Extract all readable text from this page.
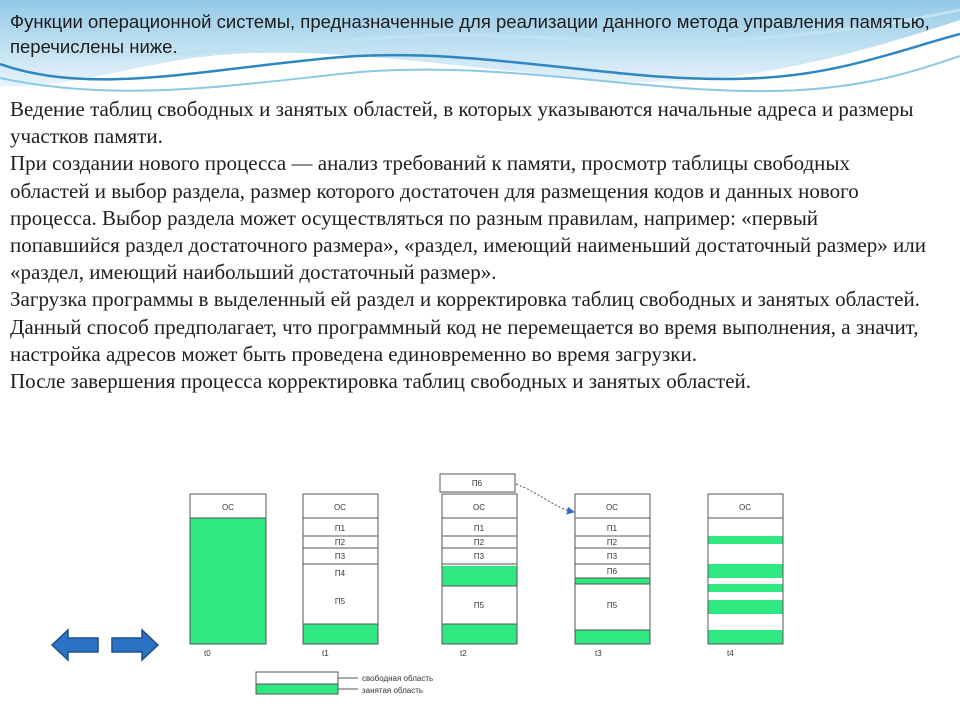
Функции операционной системы, предназначенные для реализации данного метода управления памятью, перечислены ниже.

Ведение таблиц свободных и занятых областей, в которых указываются начальные адреса и размеры участков памяти.

При создании нового процесса — анализ требований к памяти, просмотр таблицы свободных областей и выбор раздела, размер которого достаточен для размещения кодов и данных нового процесса. Выбор раздела может осуществляться по разным правилам, например: «первый попавшийся раздел достаточного размера», «раздел, имеющий наименьший достаточный размер» или «раздел, имеющий наибольший достаточный размер».

Загрузка программы в выделенный ей раздел и корректировка таблиц свободных и занятых областей. Данный способ предполагает, что программный код не перемещается во время выполнения, а значит, настройка адресов может быть проведена единовременно во время загрузки.

После завершения процесса корректировка таблиц свободных и занятых областей.

ОС
t0
ОС
П1
П2
П3
П4
П5
t1
П6
ОС
П1
П2
П3
П5
t2
ОС
П1
П2
П3
П6
П5
t3
ОС
t4
свободная область
занятая область
